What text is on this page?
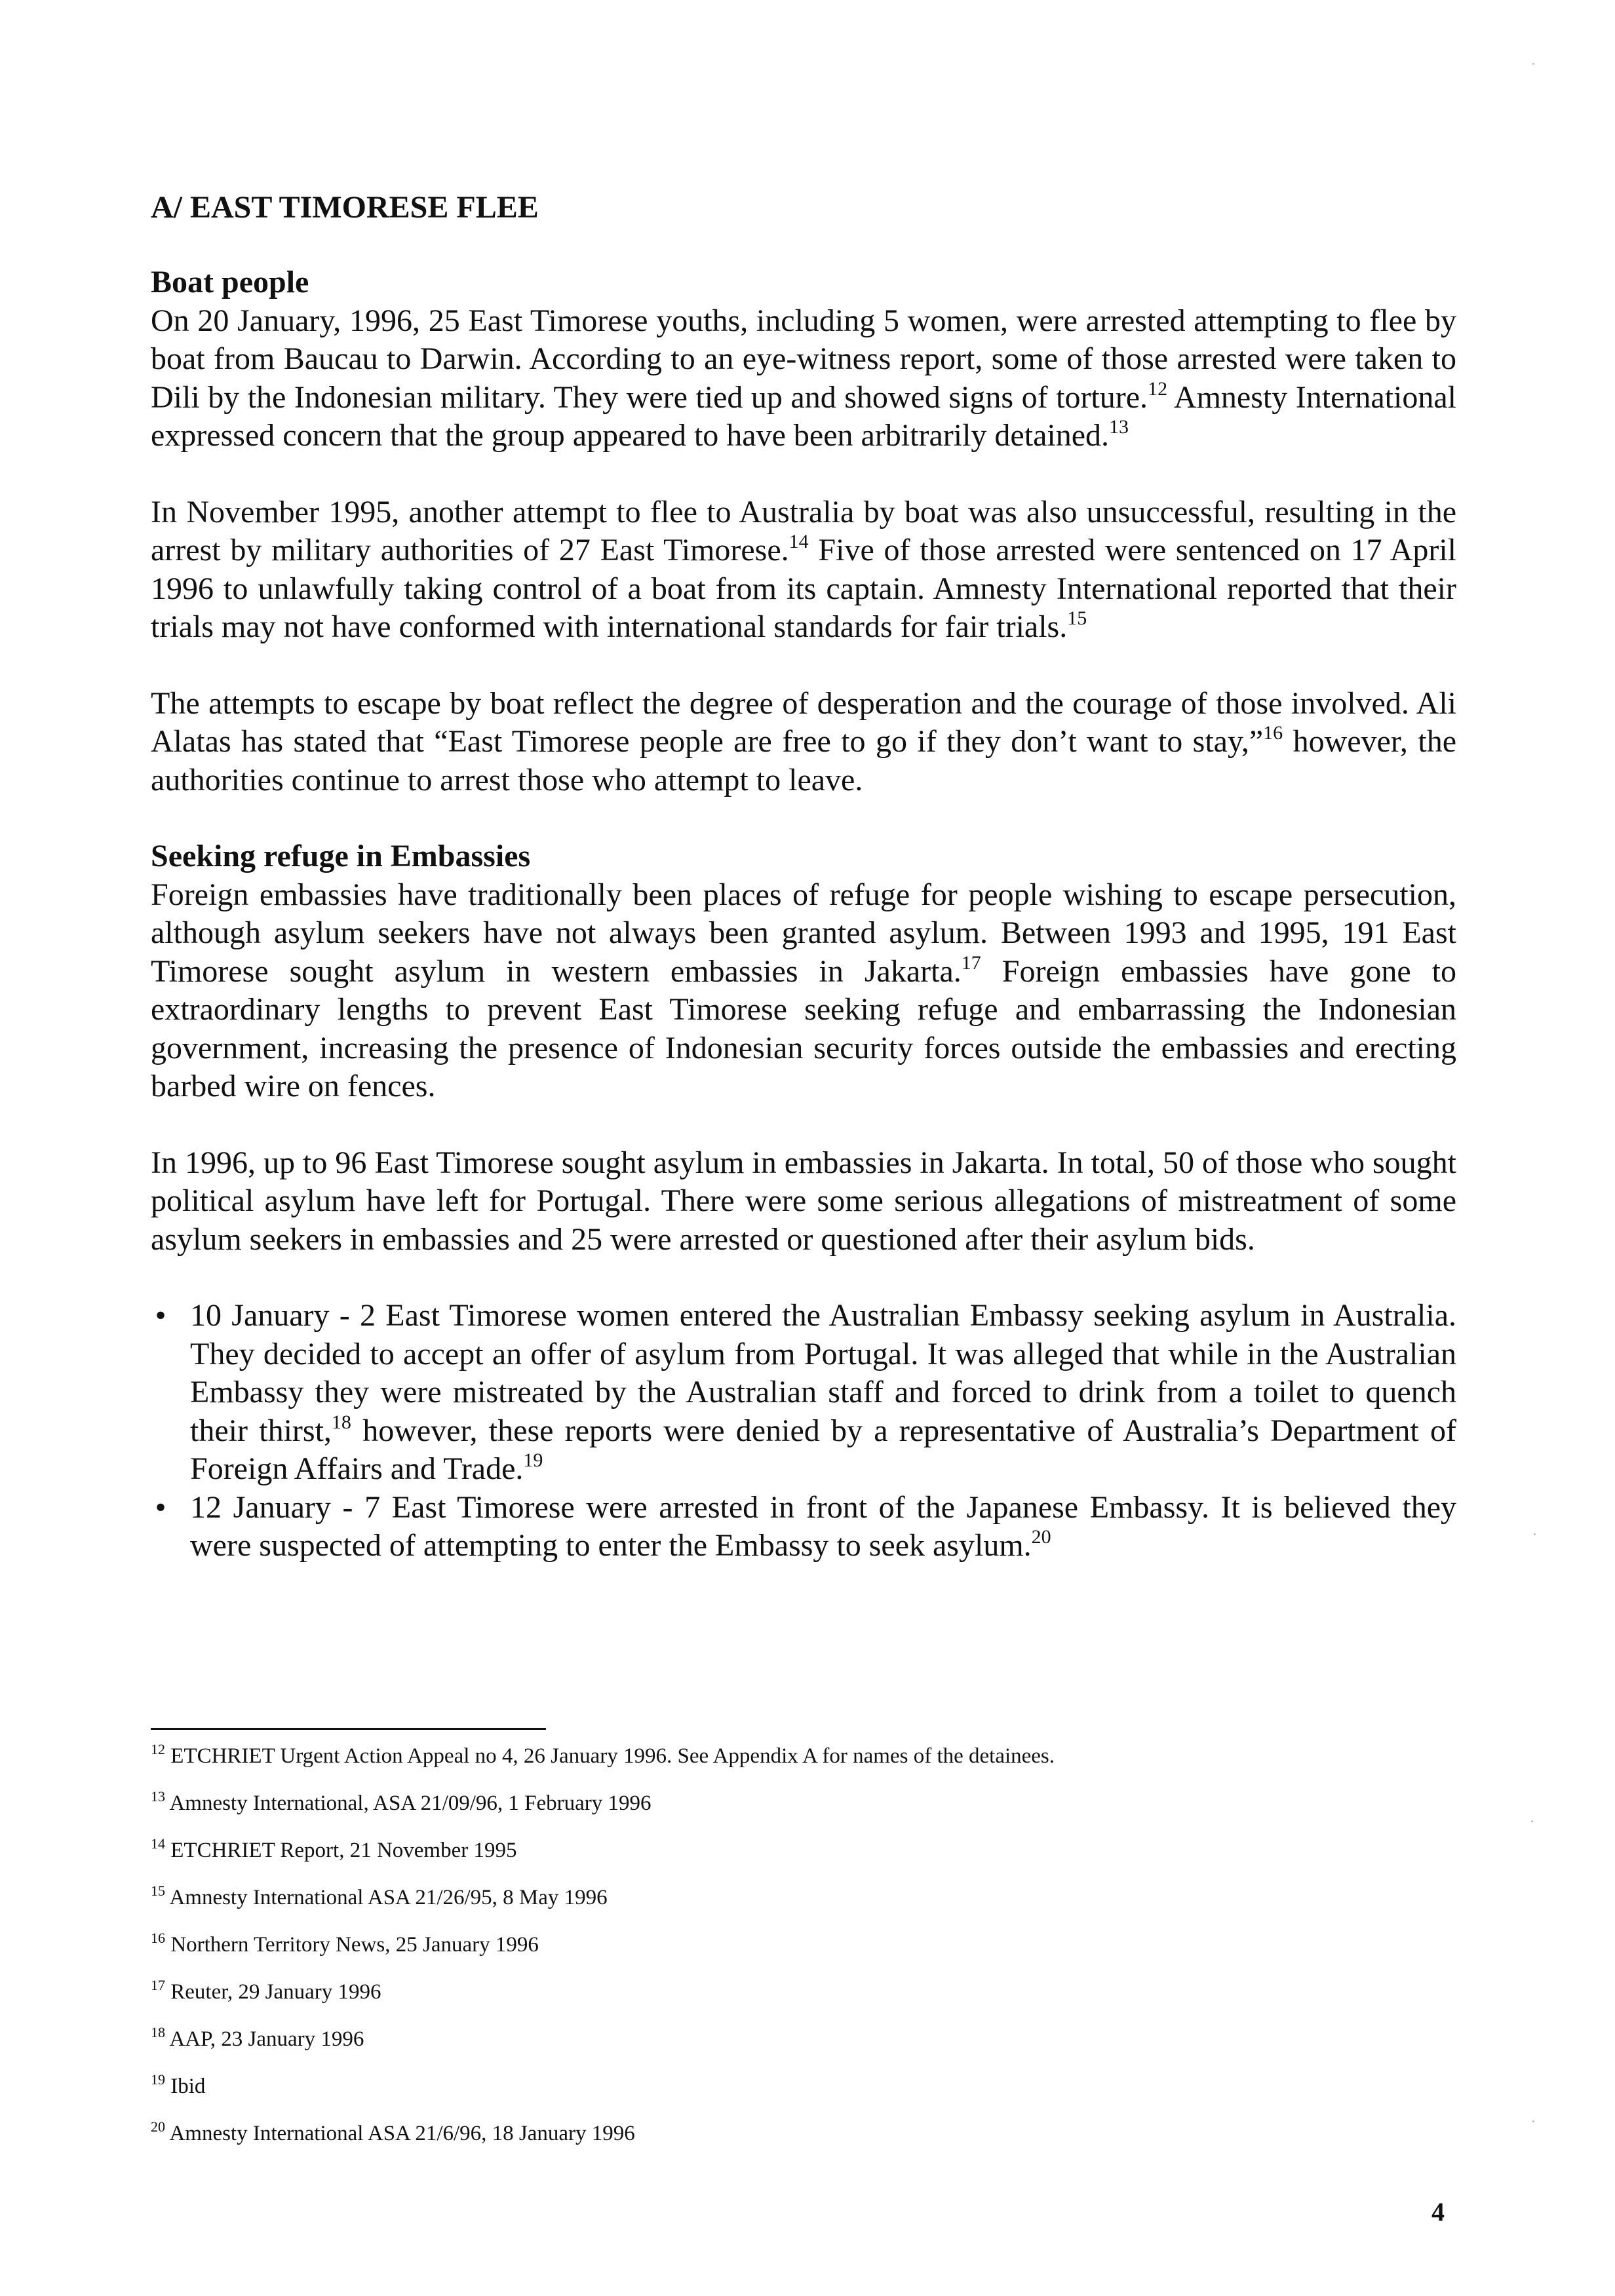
A/ EAST TIMORESE FLEE
Boat people

On 20 January, 1996, 25 East Timorese youths, including 5 women, were arrested attempting to flee by boat from Baucau to Darwin. According to an eye-witness report, some of those arrested were taken to Dili by the Indonesian military. They were tied up and showed signs of torture.$^{12}$ Amnesty International expressed concern that the group appeared to have been arbitrarily detained.$^{13}$

In November 1995, another attempt to flee to Australia by boat was also unsuccessful, resulting in the arrest by military authorities of 27 East Timorese.$^{14}$ Five of those arrested were sentenced on 17 April 1996 to unlawfully taking control of a boat from its captain. Amnesty International reported that their trials may not have conformed with international standards for fair trials.$^{15}$

The attempts to escape by boat reflect the degree of desperation and the courage of those involved. Ali Alatas has stated that “East Timorese people are free to go if they don’t want to stay,”$^{16}$ however, the authorities continue to arrest those who attempt to leave.

Seeking refuge in Embassies

Foreign embassies have traditionally been places of refuge for people wishing to escape persecution, although asylum seekers have not always been granted asylum. Between 1993 and 1995, 191 East Timorese sought asylum in western embassies in Jakarta.$^{17}$ Foreign embassies have gone to extraordinary lengths to prevent East Timorese seeking refuge and embarrassing the Indonesian government, increasing the presence of Indonesian security forces outside the embassies and erecting barbed wire on fences.

In 1996, up to 96 East Timorese sought asylum in embassies in Jakarta. In total, 50 of those who sought political asylum have left for Portugal. There were some serious allegations of mistreatment of some asylum seekers in embassies and 25 were arrested or questioned after their asylum bids.

• 10 January - 2 East Timorese women entered the Australian Embassy seeking asylum in Australia. They decided to accept an offer of asylum from Portugal. It was alleged that while in the Australian Embassy they were mistreated by the Australian staff and forced to drink from a toilet to quench their thirst,$^{18}$ however, these reports were denied by a representative of Australia’s Department of Foreign Affairs and Trade.$^{19}$
• 12 January - 7 East Timorese were arrested in front of the Japanese Embassy. It is believed they were suspected of attempting to enter the Embassy to seek asylum.$^{20}$
$^{12}$ ETCHRIET Urgent Action Appeal no 4, 26 January 1996. See Appendix A for names of the detainees.
$^{13}$ Amnesty International, ASA 21/09/96, 1 February 1996
$^{14}$ ETCHRIET Report, 21 November 1995
$^{15}$ Amnesty International ASA 21/26/95, 8 May 1996
$^{16}$ Northern Territory News, 25 January 1996
$^{17}$ Reuter, 29 January 1996
$^{18}$ AAP, 23 January 1996
$^{19}$ Ibid
$^{20}$ Amnesty International ASA 21/6/96, 18 January 1996
4
